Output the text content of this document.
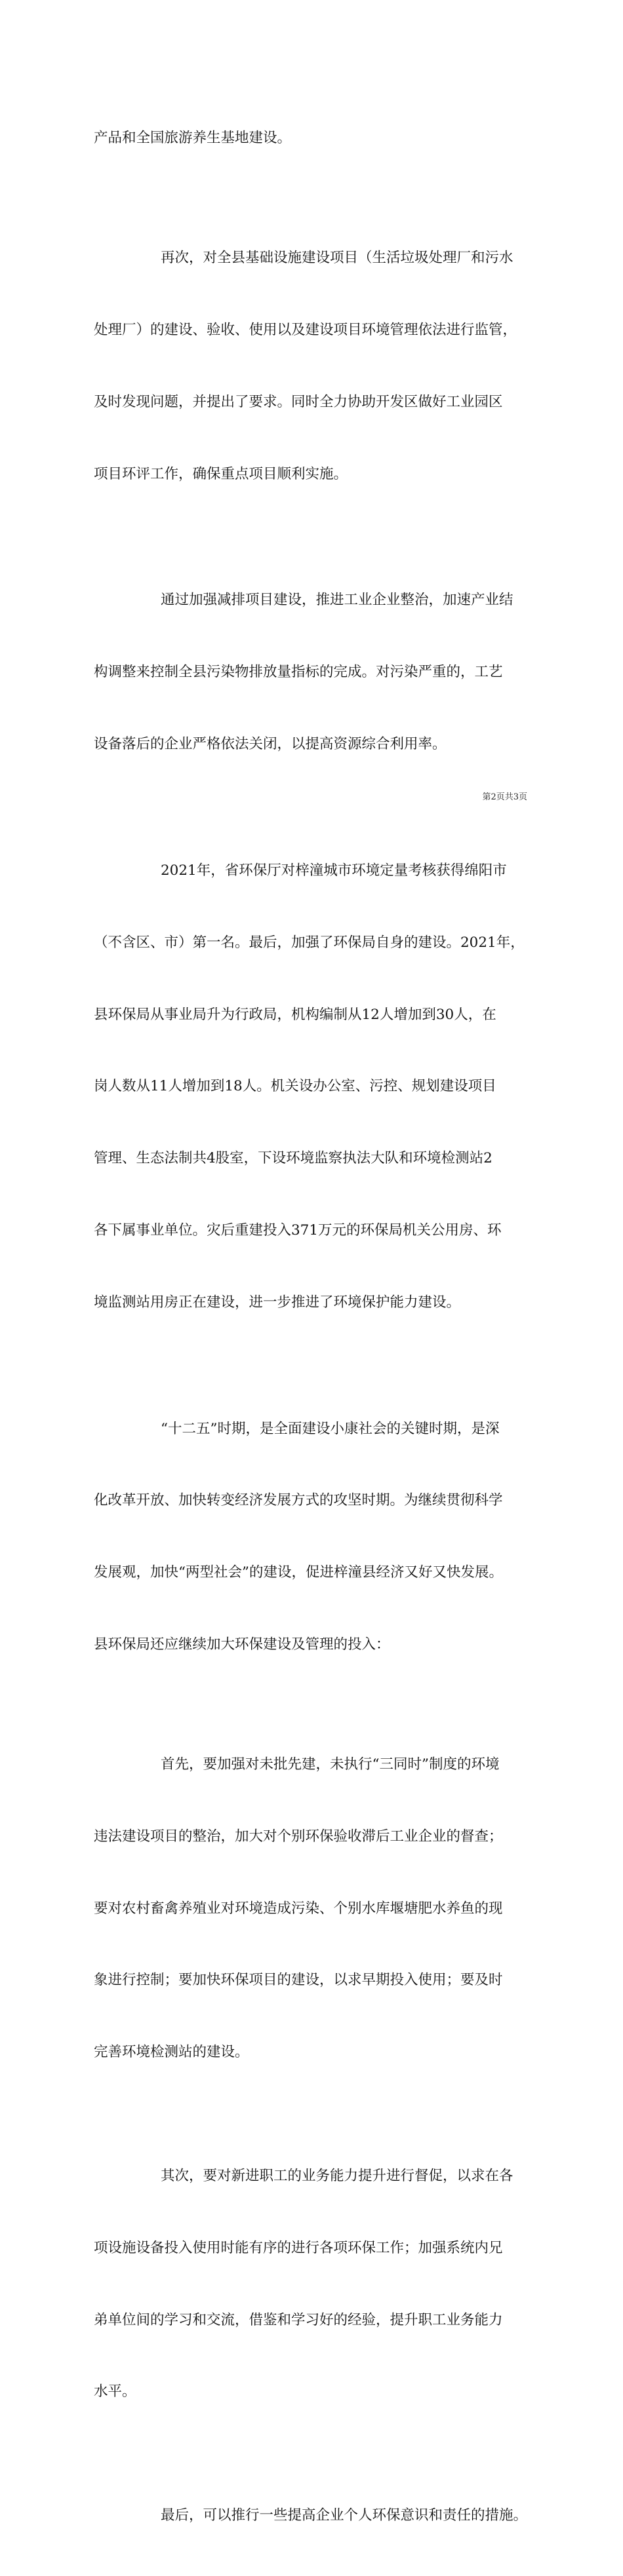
产品和全国旅游养生基地建设。

再次，对全县基础设施建设项目（生活垃圾处理厂和污水

处理厂）的建设、验收、使用以及建设项目环境管理依法进行监管，

及时发现问题，并提出了要求。同时全力协助开发区做好工业园区

项目环评工作，确保重点项目顺利实施。

通过加强减排项目建设，推进工业企业整治，加速产业结

构调整来控制全县污染物排放量指标的完成。对污染严重的，工艺

设备落后的企业严格依法关闭，以提高资源综合利用率。

2021年，省环保厅对梓潼城市环境定量考核获得绵阳市

（不含区、市）第一名。最后，加强了环保局自身的建设。2021年，

县环保局从事业局升为行政局，机构编制从12人增加到30人，在

岗人数从11人增加到18人。机关设办公室、污控、规划建设项目

管理、生态法制共4股室，下设环境监察执法大队和环境检测站2

各下属事业单位。灾后重建投入371万元的环保局机关公用房、环

境监测站用房正在建设，进一步推进了环境保护能力建设。

“十二五”时期，是全面建设小康社会的关键时期，是深

化改革开放、加快转变经济发展方式的攻坚时期。为继续贯彻科学

发展观，加快“两型社会”的建设，促进梓潼县经济又好又快发展。

县环保局还应继续加大环保建设及管理的投入：

首先，要加强对未批先建，未执行“三同时”制度的环境

违法建设项目的整治，加大对个别环保验收滞后工业企业的督查；

要对农村畜禽养殖业对环境造成污染、个别水库堰塘肥水养鱼的现

象进行控制；要加快环保项目的建设，以求早期投入使用；要及时

完善环境检测站的建设。

其次，要对新进职工的业务能力提升进行督促，以求在各

项设施设备投入使用时能有序的进行各项环保工作；加强系统内兄

弟单位间的学习和交流，借鉴和学习好的经验，提升职工业务能力

水平。

最后，可以推行一些提高企业个人环保意识和责任的措施。

第2页共3页
